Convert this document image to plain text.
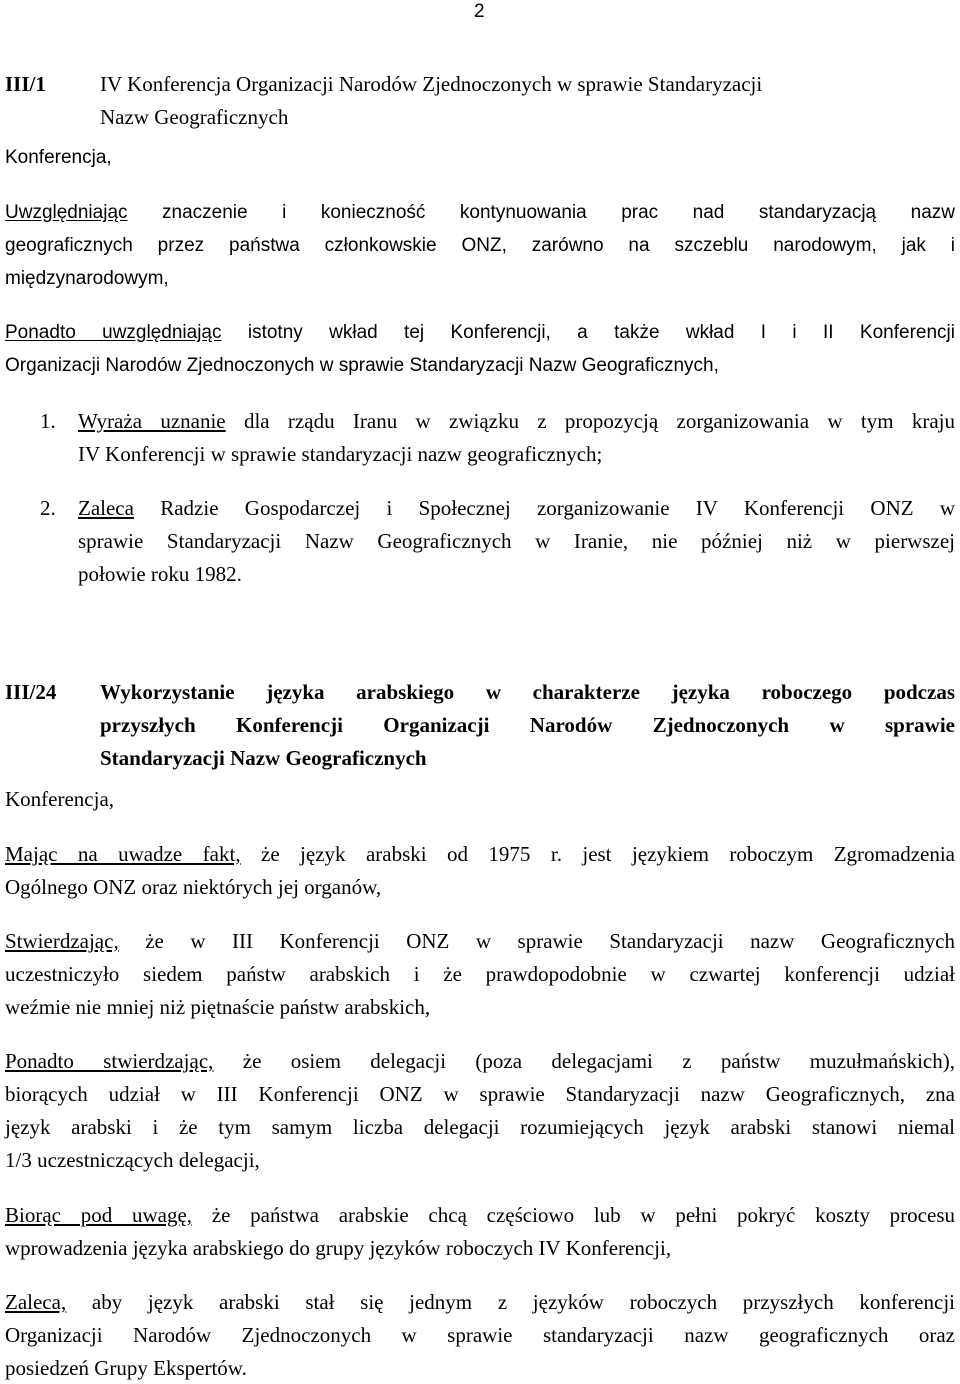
2
III/1	IV Konferencja Organizacji Narodów Zjednoczonych w sprawie Standaryzacji
Nazw Geograficznych
Konferencja,
Uwzględniając znaczenie i konieczność kontynuowania prac nad standaryzacją nazw
geograficznych przez państwa członkowskie ONZ, zarówno na szczeblu narodowym, jak i
międzynarodowym,
Ponadto uwzględniając istotny wkład tej Konferencji, a także wkład I i II Konferencji
Organizacji Narodów Zjednoczonych w sprawie Standaryzacji Nazw Geograficznych,
1. Wyraża uznanie dla rządu Iranu w związku z propozycją zorganizowania w tym kraju
IV Konferencji w sprawie standaryzacji nazw geograficznych;
2. Zaleca Radzie Gospodarczej i Społecznej zorganizowanie IV Konferencji ONZ w
sprawie Standaryzacji Nazw Geograficznych w Iranie, nie później niż w pierwszej
połowie roku 1982.
III/24 Wykorzystanie języka arabskiego w charakterze języka roboczego podczas
przyszłych Konferencji Organizacji Narodów Zjednoczonych w sprawie
Standaryzacji Nazw Geograficznych
Konferencja,
Mając na uwadze fakt, że język arabski od 1975 r. jest językiem roboczym Zgromadzenia
Ogólnego ONZ oraz niektórych jej organów,
Stwierdzając, że w III Konferencji ONZ w sprawie Standaryzacji nazw Geograficznych
uczestniczyło siedem państw arabskich i że prawdopodobnie w czwartej konferencji udział
weźmie nie mniej niż piętnaście państw arabskich,
Ponadto stwierdzając, że osiem delegacji (poza delegacjami z państw muzułmańskich),
biorących udział w III Konferencji ONZ w sprawie Standaryzacji nazw Geograficznych, zna
język arabski i że tym samym liczba delegacji rozumiejących język arabski stanowi niemal
1/3 uczestniczących delegacji,
Biorąc pod uwagę, że państwa arabskie chcą częściowo lub w pełni pokryć koszty procesu
wprowadzenia języka arabskiego do grupy języków roboczych IV Konferencji,
Zaleca, aby język arabski stał się jednym z języków roboczych przyszłych konferencji
Organizacji Narodów Zjednoczonych w sprawie standaryzacji nazw geograficznych oraz
posiedzeń Grupy Ekspertów.
